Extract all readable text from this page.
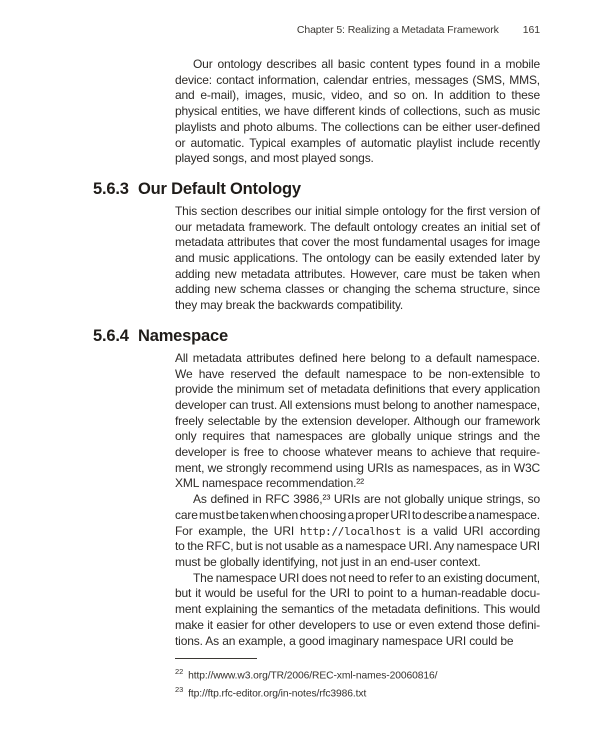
Chapter 5: Realizing a Metadata Framework 161
Our ontology describes all basic content types found in a mobile
device: contact information, calendar entries, messages (SMS, MMS,
and e-mail), images, music, video, and so on. In addition to these
physical entities, we have different kinds of collections, such as music
playlists and photo albums. The collections can be either user-defined
or automatic. Typical examples of automatic playlist include recently
played songs, and most played songs.
5.6.3 Our Default Ontology
This section describes our initial simple ontology for the first version of
our metadata framework. The default ontology creates an initial set of
metadata attributes that cover the most fundamental usages for image
and music applications. The ontology can be easily extended later by
adding new metadata attributes. However, care must be taken when
adding new schema classes or changing the schema structure, since
they may break the backwards compatibility.
5.6.4 Namespace
All metadata attributes defined here belong to a default namespace.
We have reserved the default namespace to be non-extensible to
provide the minimum set of metadata definitions that every application
developer can trust. All extensions must belong to another namespace,
freely selectable by the extension developer. Although our framework
only requires that namespaces are globally unique strings and the
developer is free to choose whatever means to achieve that require-
ment, we strongly recommend using URIs as namespaces, as in W3C
XML namespace recommendation.²²
As defined in RFC 3986,²³ URIs are not globally unique strings, so
care must be taken when choosing a proper URI to describe a namespace.
For example, the URI http://localhost is a valid URI according
to the RFC, but is not usable as a namespace URI. Any namespace URI
must be globally identifying, not just in an end-user context.
The namespace URI does not need to refer to an existing document,
but it would be useful for the URI to point to a human-readable docu-
ment explaining the semantics of the metadata definitions. This would
make it easier for other developers to use or even extend those defini-
tions. As an example, a good imaginary namespace URI could be
$^{22}$ http://www.w3.org/TR/2006/REC-xml-names-20060816/
$^{23}$ ftp://ftp.rfc-editor.org/in-notes/rfc3986.txt
